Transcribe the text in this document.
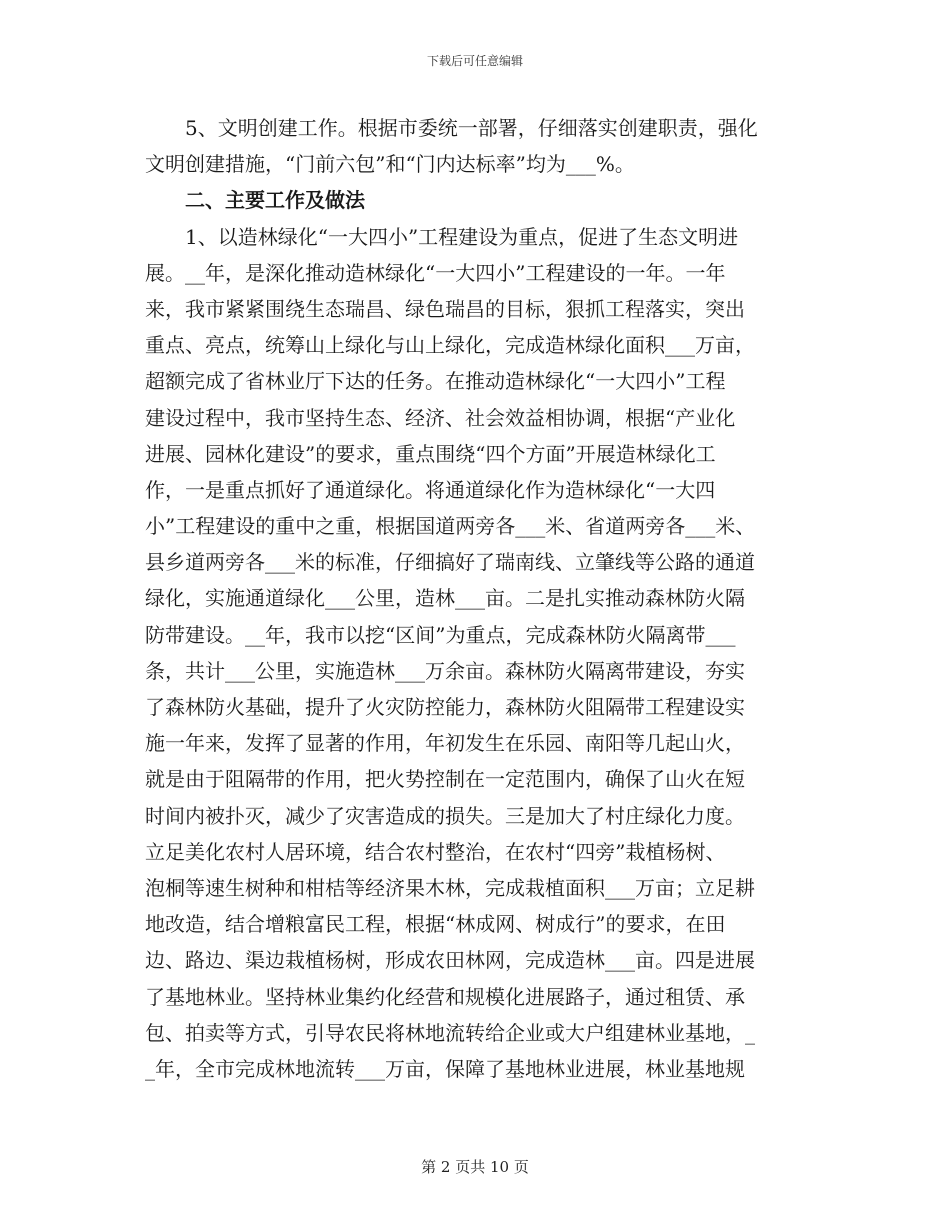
下载后可任意编辑
　　5、文明创建工作。根据市委统一部署，仔细落实创建职责，强化
文明创建措施，“门前六包”和“门内达标率”均为___%。
　　二、主要工作及做法
　　1、以造林绿化“一大四小”工程建设为重点，促进了生态文明进
展。__年，是深化推动造林绿化“一大四小”工程建设的一年。一年
来，我市紧紧围绕生态瑞昌、绿色瑞昌的目标，狠抓工程落实，突出
重点、亮点，统筹山上绿化与山上绿化，完成造林绿化面积___万亩，
超额完成了省林业厅下达的任务。在推动造林绿化“一大四小”工程
建设过程中，我市坚持生态、经济、社会效益相协调，根据“产业化
进展、园林化建设”的要求，重点围绕“四个方面”开展造林绿化工
作，一是重点抓好了通道绿化。将通道绿化作为造林绿化“一大四
小”工程建设的重中之重，根据国道两旁各___米、省道两旁各___米、
县乡道两旁各___米的标准，仔细搞好了瑞南线、立肇线等公路的通道
绿化，实施通道绿化___公里，造林___亩。二是扎实推动森林防火隔
防带建设。__年，我市以挖“区间”为重点，完成森林防火隔离带___
条，共计___公里，实施造林___万余亩。森林防火隔离带建设，夯实
了森林防火基础，提升了火灾防控能力，森林防火阻隔带工程建设实
施一年来，发挥了显著的作用，年初发生在乐园、南阳等几起山火，
就是由于阻隔带的作用，把火势控制在一定范围内，确保了山火在短
时间内被扑灭，减少了灾害造成的损失。三是加大了村庄绿化力度。
立足美化农村人居环境，结合农村整治，在农村“四旁”栽植杨树、
泡桐等速生树种和柑桔等经济果木林，完成栽植面积___万亩；立足耕
地改造，结合增粮富民工程，根据“林成网、树成行”的要求，在田
边、路边、渠边栽植杨树，形成农田林网，完成造林___亩。四是进展
了基地林业。坚持林业集约化经营和规模化进展路子，通过租赁、承
包、拍卖等方式，引导农民将林地流转给企业或大户组建林业基地，_
_年，全市完成林地流转___万亩，保障了基地林业进展，林业基地规
第 2 页共 10 页
